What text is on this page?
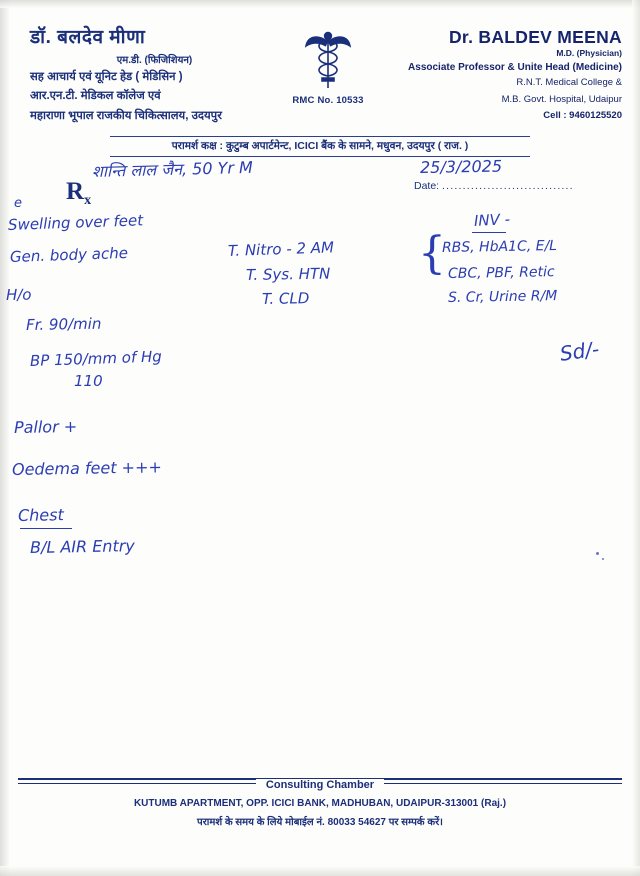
डॉ. बलदेव मीणा
एम.डी. (फिजिशियन)
सह आचार्य एवं यूनिट हेड ( मेडिसिन )
आर.एन.टी. मेडिकल कॉलेज एवं
महाराणा भूपाल राजकीय चिकित्सालय, उदयपुर
RMC No. 10533
Dr. BALDEV MEENA
M.D. (Physician)
Associate Professor & Unite Head (Medicine)
R.N.T. Medical College &
M.B. Govt. Hospital, Udaipur
Cell : 9460125520
परामर्श कक्ष : कुटुम्ब अपार्टमेन्ट, ICICI बैंक के सामने, मधुवन, उदयपुर ( राज. )
$R_x$
Date: ................................
शान्ति लाल जैन, 50 Yr M	25/3/2025
e
Swelling over feet
Gen. body ache
H/o
Fr. 90/min
BP 150/mm of Hg
110
Pallor +
Oedema feet +++
Chest
B/L AIR Entry
T. Nitro - 2 AM
T. Sys. HTN
T. CLD
INV -
{
RBS, HbA1C, E/L
CBC, PBF, Retic
S. Cr, Urine R/M
Sd/-
Consulting Chamber
KUTUMB APARTMENT, OPP. ICICI BANK, MADHUBAN, UDAIPUR-313001 (Raj.)
परामर्श के समय के लिये मोबाईल नं. 80033 54627 पर सम्पर्क करें।
